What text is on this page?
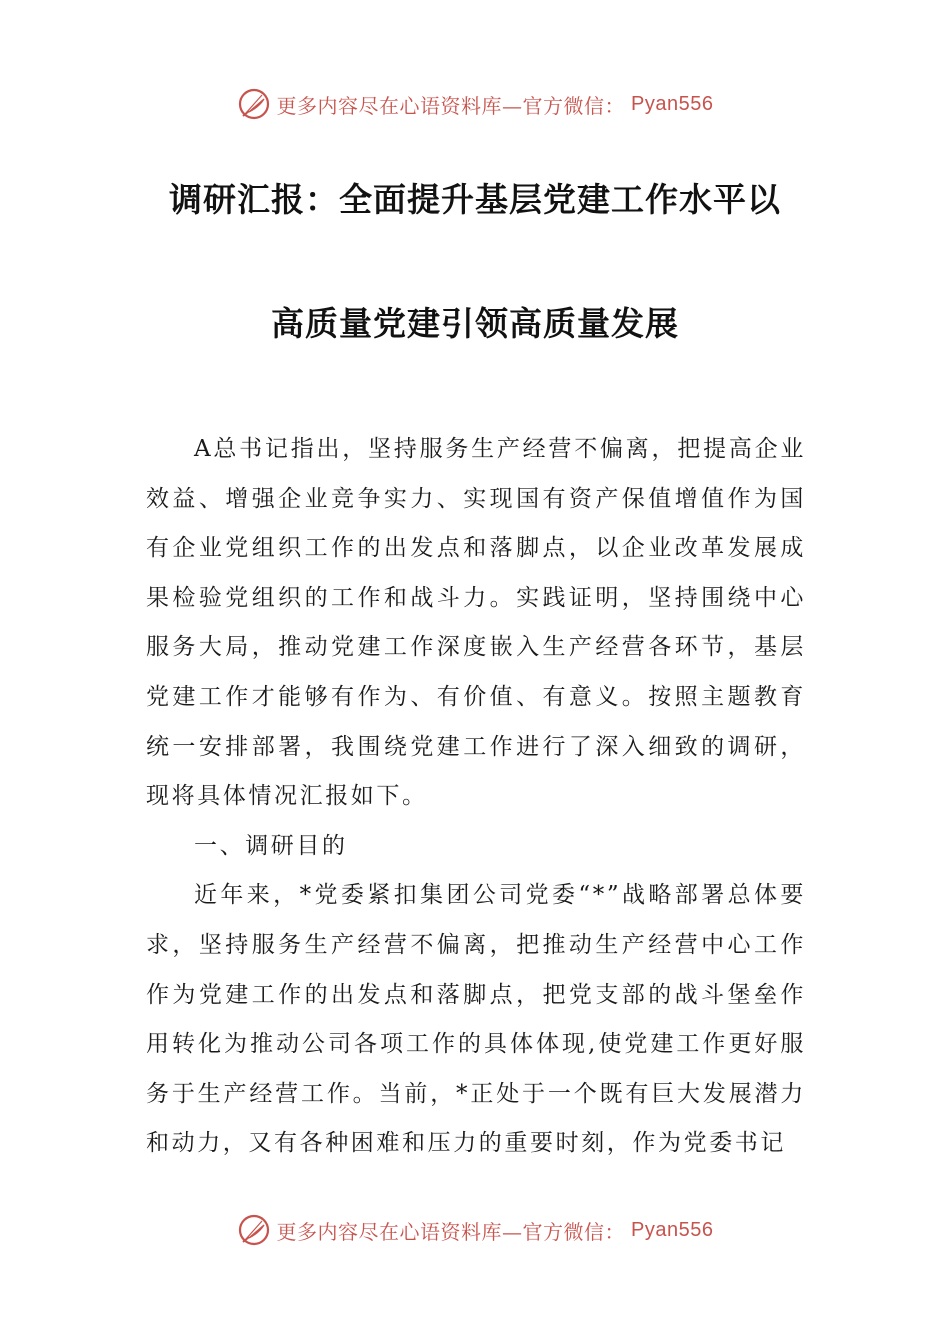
更多内容尽在心语资料库—官方微信： Pyan556
调研汇报：全面提升基层党建工作水平以
高质量党建引领高质量发展

A总书记指出，坚持服务生产经营不偏离，把提高企业效益、增强企业竞争实力、实现国有资产保值增值作为国有企业党组织工作的出发点和落脚点，以企业改革发展成果检验党组织的工作和战斗力。实践证明，坚持围绕中心服务大局，推动党建工作深度嵌入生产经营各环节，基层党建工作才能够有作为、有价值、有意义。按照主题教育统一安排部署，我围绕党建工作进行了深入细致的调研，现将具体情况汇报如下。

一、调研目的

近年来，*党委紧扣集团公司党委“*”战略部署总体要求，坚持服务生产经营不偏离，把推动生产经营中心工作作为党建工作的出发点和落脚点，把党支部的战斗堡垒作用转化为推动公司各项工作的具体体现,使党建工作更好服务于生产经营工作。当前，*正处于一个既有巨大发展潜力和动力，又有各种困难和压力的重要时刻，作为党委书记

更多内容尽在心语资料库—官方微信： Pyan556
